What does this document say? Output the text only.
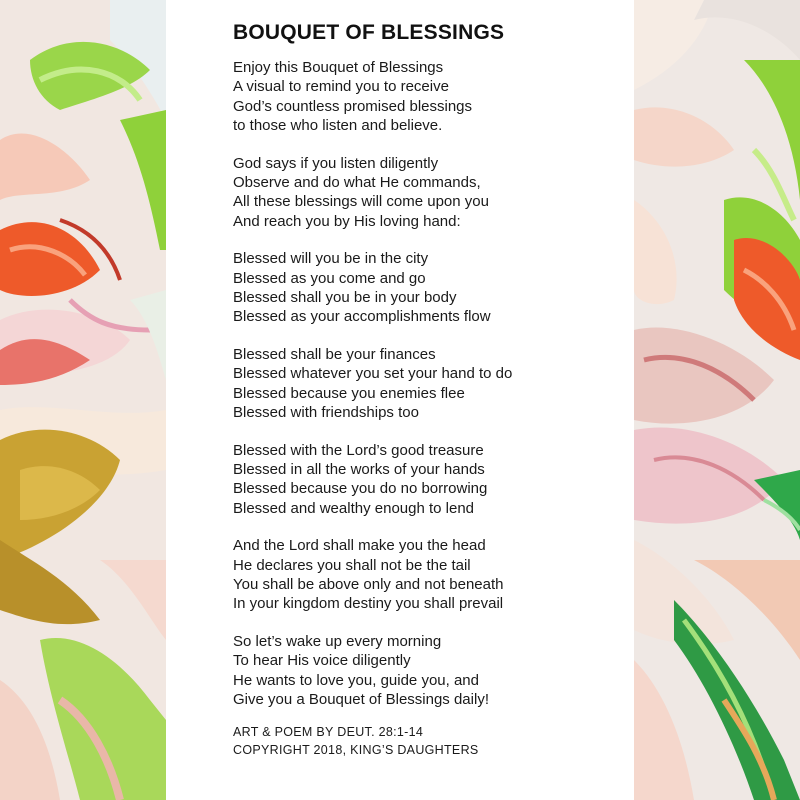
BOUQUET OF BLESSINGS
Enjoy this Bouquet of Blessings
A visual to remind you to receive
God’s countless promised blessings
to those who listen and believe.
God says if you listen diligently
Observe and do what He commands,
All these blessings will come upon you
And reach you by His loving hand:
Blessed will you be in the city
Blessed as you come and go
Blessed shall you be in your body
Blessed as your accomplishments flow
Blessed shall be your finances
Blessed whatever you set your hand to do
Blessed because you enemies flee
Blessed with friendships too
Blessed with the Lord’s good treasure
Blessed in all the works of your hands
Blessed because you do no borrowing
Blessed and wealthy enough to lend
And the Lord shall make you the head
He declares you shall not be the tail
You shall be above only and not beneath
In your kingdom destiny you shall prevail
So let’s wake up every morning
To hear His voice diligently
He wants to love you, guide you, and
Give you a Bouquet of Blessings daily!
ART & POEM BY DEUT. 28:1-14
COPYRIGHT 2018, KING’S DAUGHTERS
